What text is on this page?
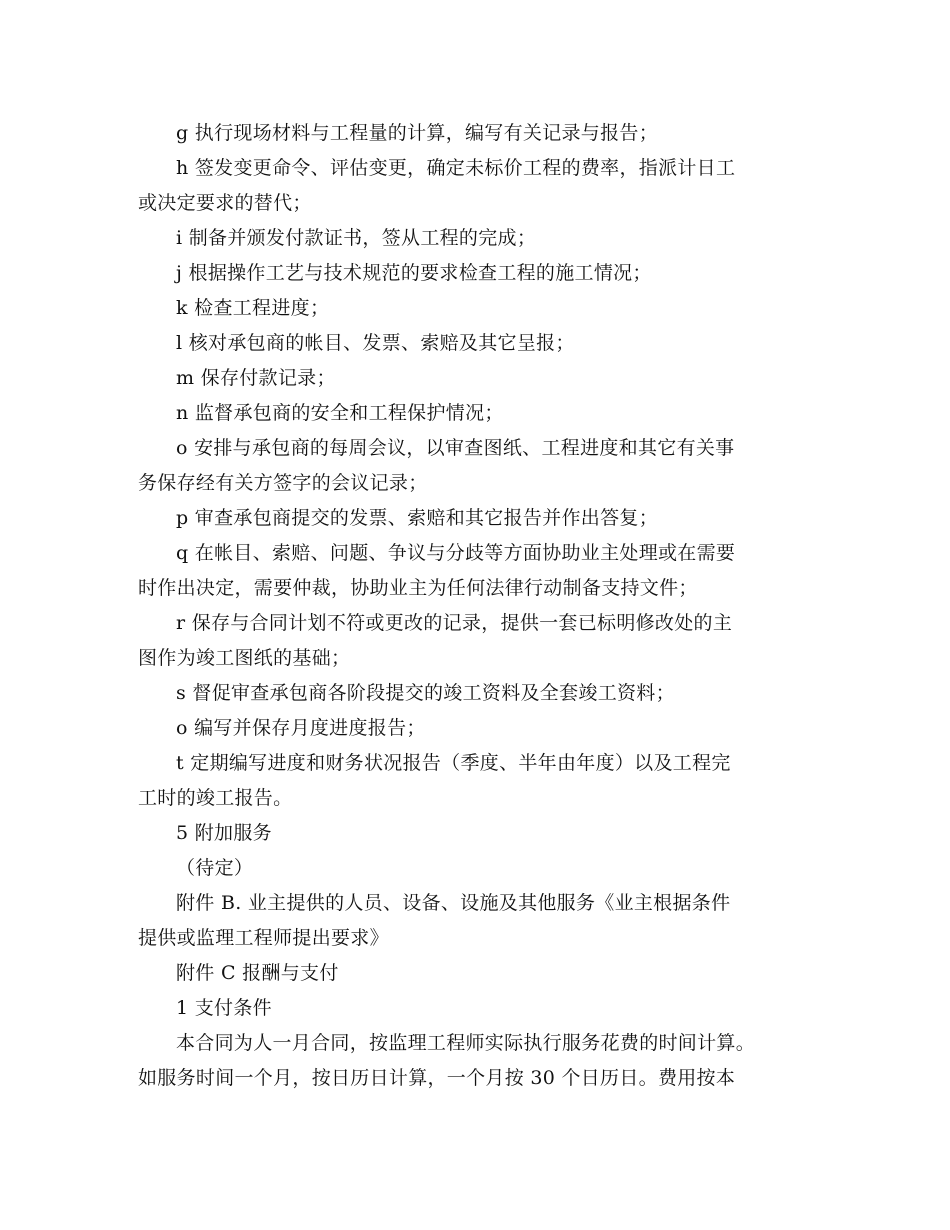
g 执行现场材料与工程量的计算，编写有关记录与报告；

h 签发变更命令、评估变更，确定未标价工程的费率，指派计日工

或决定要求的替代；

i 制备并颁发付款证书，签从工程的完成；

j 根据操作工艺与技术规范的要求检查工程的施工情况；

k 检查工程进度；

l 核对承包商的帐目、发票、索赔及其它呈报；

m 保存付款记录；

n 监督承包商的安全和工程保护情况；

o 安排与承包商的每周会议，以审查图纸、工程进度和其它有关事

务保存经有关方签字的会议记录；

p 审查承包商提交的发票、索赔和其它报告并作出答复；

q 在帐目、索赔、问题、争议与分歧等方面协助业主处理或在需要

时作出决定，需要仲裁，协助业主为任何法律行动制备支持文件；

r 保存与合同计划不符或更改的记录，提供一套已标明修改处的主

图作为竣工图纸的基础；

s 督促审查承包商各阶段提交的竣工资料及全套竣工资料；

o 编写并保存月度进度报告；

t 定期编写进度和财务状况报告（季度、半年由年度）以及工程完

工时的竣工报告。

5 附加服务

（待定）

附件 B. 业主提供的人员、设备、设施及其他服务《业主根据条件

提供或监理工程师提出要求》

附件 C 报酬与支付

1 支付条件

本合同为人一月合同，按监理工程师实际执行服务花费的时间计算。

如服务时间一个月，按日历日计算，一个月按 30 个日历日。费用按本
